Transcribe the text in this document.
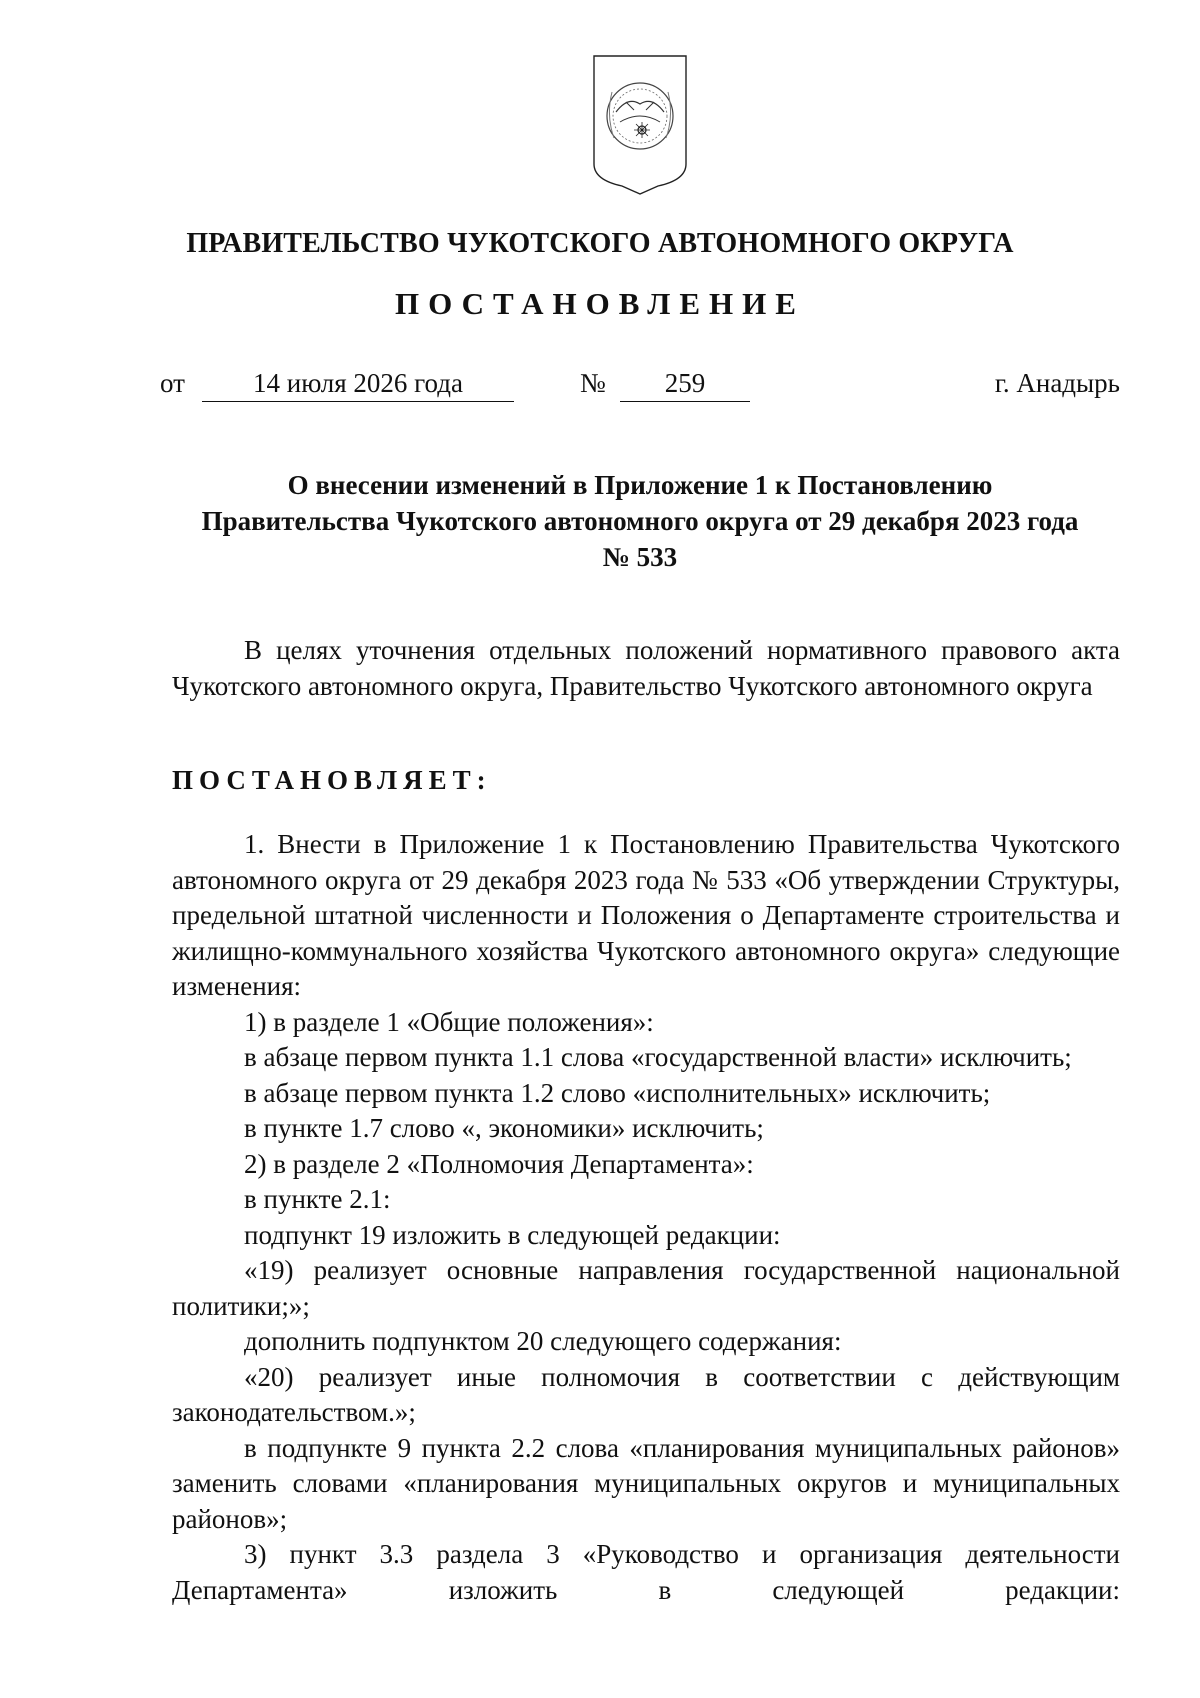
ПРАВИТЕЛЬСТВО ЧУКОТСКОГО АВТОНОМНОГО ОКРУГА
ПОСТАНОВЛЕНИЕ
от	14 июля 2026 года	№	259	г. Анадырь
О внесении изменений в Приложение 1 к Постановлению
Правительства Чукотского автономного округа от 29 декабря 2023 года
№ 533

В целях уточнения отдельных положений нормативного правового акта Чукотского автономного округа, Правительство Чукотского автономного округа

ПОСТАНОВЛЯЕТ:

1. Внести в Приложение 1 к Постановлению Правительства Чукотского автономного округа от 29 декабря 2023 года № 533 «Об утверждении Структуры, предельной штатной численности и Положения о Департаменте строительства и жилищно-коммунального хозяйства Чукотского автономного округа» следующие изменения:

1) в разделе 1 «Общие положения»:

в абзаце первом пункта 1.1 слова «государственной власти» исключить;

в абзаце первом пункта 1.2 слово «исполнительных» исключить;

в пункте 1.7 слово «, экономики» исключить;

2) в разделе 2 «Полномочия Департамента»:

в пункте 2.1:

подпункт 19 изложить в следующей редакции:

«19) реализует основные направления государственной национальной политики;»;

дополнить подпунктом 20 следующего содержания:

«20) реализует иные полномочия в соответствии с действующим законодательством.»;

в подпункте 9 пункта 2.2 слова «планирования муниципальных районов» заменить словами «планирования муниципальных округов и муниципальных районов»;

3) пункт 3.3 раздела 3 «Руководство и организация деятельности

Департамента»	изложить	в	следующей	редакции:
